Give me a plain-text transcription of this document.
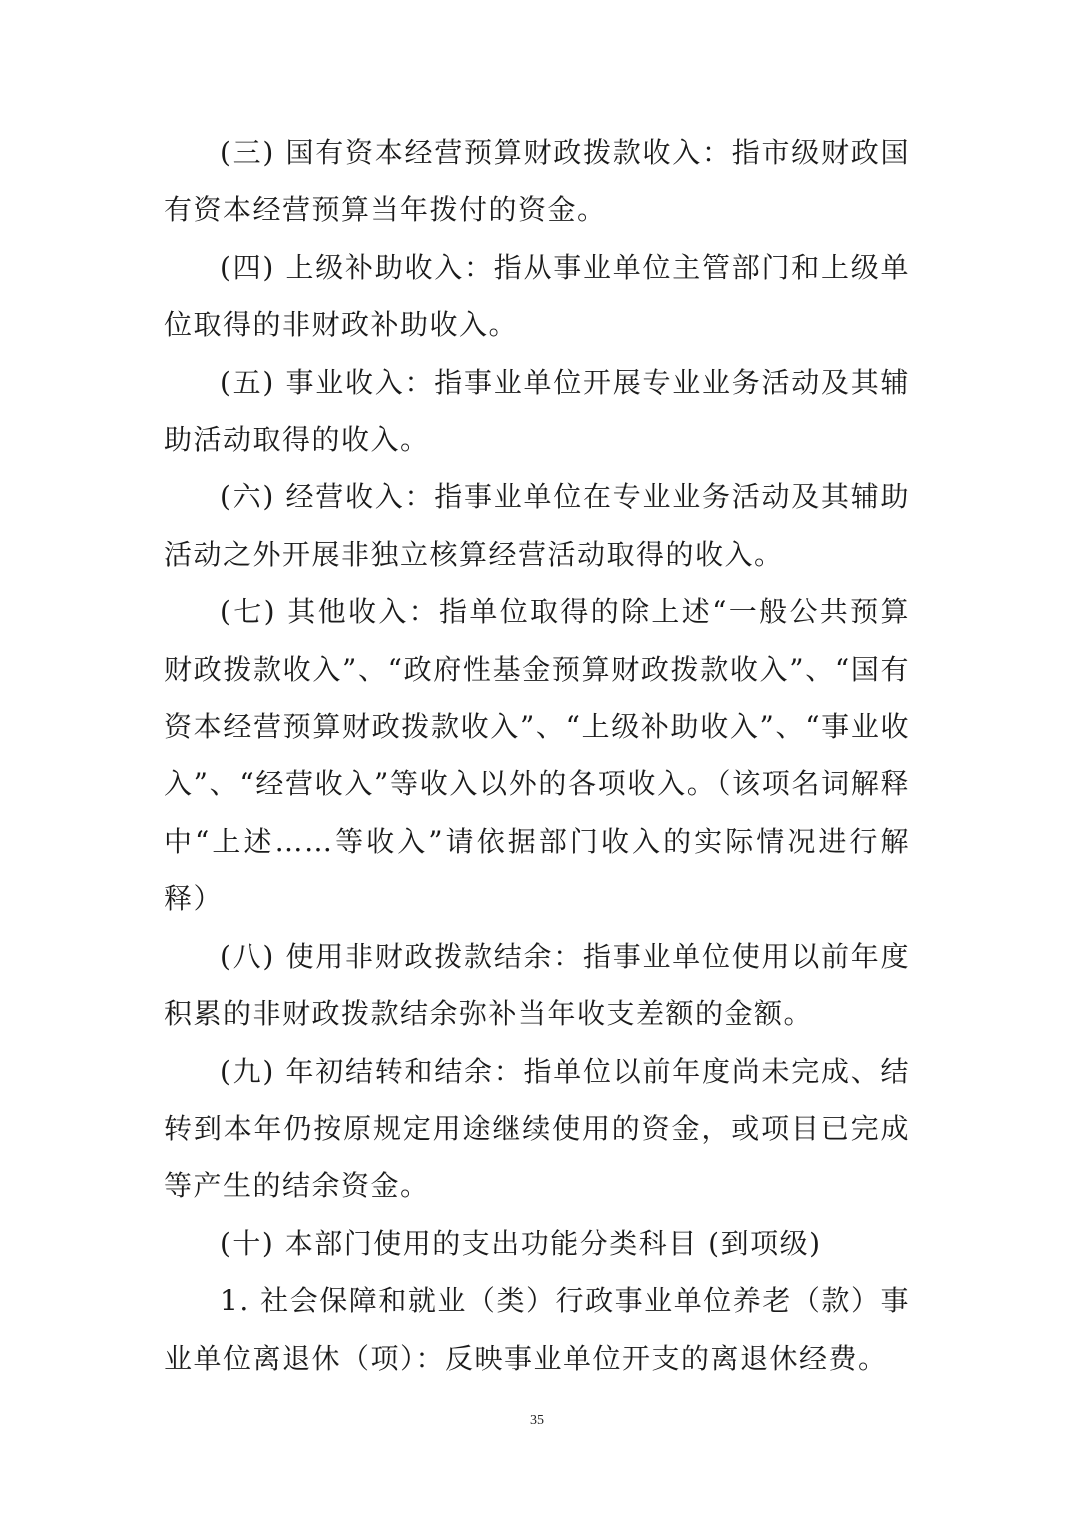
(三) 国有资本经营预算财政拨款收入：指市级财政国有资本经营预算当年拨付的资金。

(四) 上级补助收入：指从事业单位主管部门和上级单位取得的非财政补助收入。

(五) 事业收入：指事业单位开展专业业务活动及其辅助活动取得的收入。

(六) 经营收入：指事业单位在专业业务活动及其辅助活动之外开展非独立核算经营活动取得的收入。

(七) 其他收入：指单位取得的除上述“一般公共预算财政拨款收入”、“政府性基金预算财政拨款收入”、“国有资本经营预算财政拨款收入”、“上级补助收入”、“事业收入”、“经营收入”等收入以外的各项收入。（该项名词解释中“上述……等收入”请依据部门收入的实际情况进行解释）

(八) 使用非财政拨款结余：指事业单位使用以前年度积累的非财政拨款结余弥补当年收支差额的金额。

(九) 年初结转和结余：指单位以前年度尚未完成、结转到本年仍按原规定用途继续使用的资金，或项目已完成等产生的结余资金。

(十) 本部门使用的支出功能分类科目 (到项级)

1. 社会保障和就业（类）行政事业单位养老（款）事业单位离退休（项）：反映事业单位开支的离退休经费。

35
